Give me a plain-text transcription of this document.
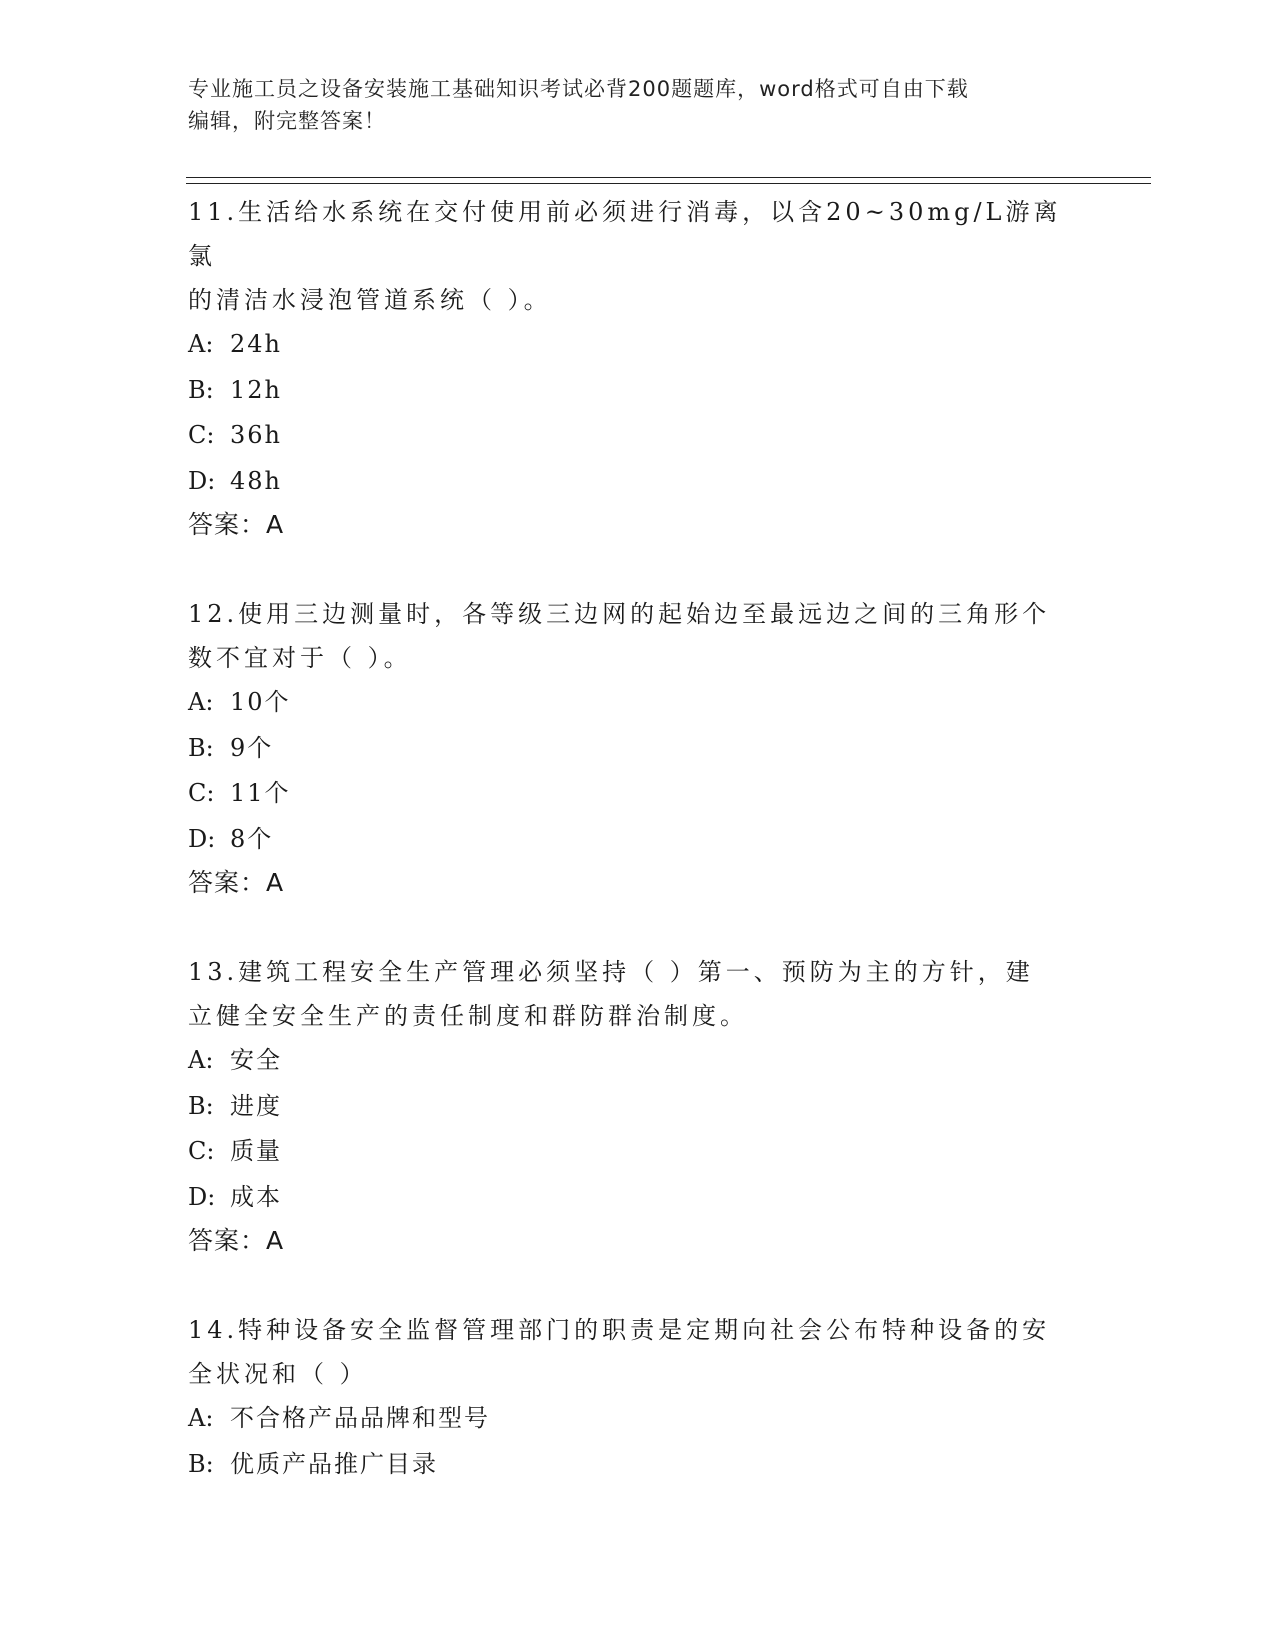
专业施工员之设备安装施工基础知识考试必背200题题库，word格式可自由下载
编辑，附完整答案！

11.生活给水系统在交付使用前必须进行消毒，以含20~30mg/L游离氯
的清洁水浸泡管道系统（ ）。

A: 24h

B: 12h

C: 36h

D: 48h

答案：A

12.使用三边测量时，各等级三边网的起始边至最远边之间的三角形个
数不宜对于（ ）。

A: 10个

B: 9个

C: 11个

D: 8个

答案：A

13.建筑工程安全生产管理必须坚持（ ）第一、预防为主的方针，建
立健全安全生产的责任制度和群防群治制度。

A: 安全

B: 进度

C: 质量

D: 成本

答案：A

14.特种设备安全监督管理部门的职责是定期向社会公布特种设备的安
全状况和（ ）

A: 不合格产品品牌和型号

B: 优质产品推广目录
